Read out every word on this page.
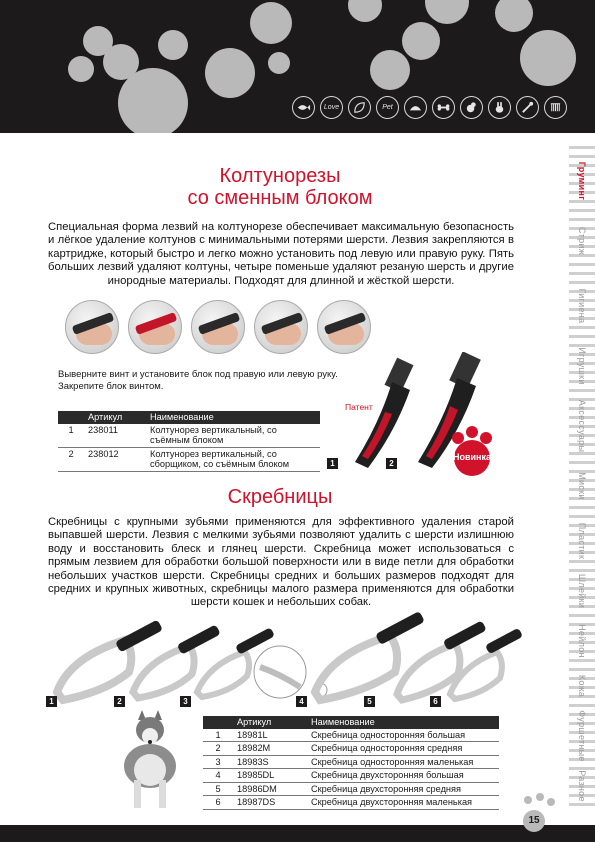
Love	Pet
Груминг
Стриж
Гигиена
Игрушки
Аксессуары
Миски
Пластик
Шлейки
Нейлон
Кожа
Фуршетные
Разное
Колтунорезы
со сменным блоком

Специальная форма лезвий на колтунорезе обеспечивает максимальную безопасность и лёгкое удаление колтунов с минимальными потерями шерсти. Лезвия закрепляются в картридже, который быстро и легко можно установить под левую или правую руку. Пять больших лезвий удаляют колтуны, четыре поменьше удаляют резаную шерсть и другие инородные материалы. Подходят для длинной и жёсткой шерсти.

Выверните винт и установите блок под правую или левую руку. Закрепите блок винтом.

	Артикул	Наименование
1	238011	Колтунорез вертикальный, со съёмным блоком
2	238012	Колтунорез вертикальный, со сборщиком, со съёмным блоком	1	2
Патент
Новинка
Скребницы

Скребницы с крупными зубьями применяются для эффективного удаления старой выпавшей шерсти. Лезвия с мелкими зубьями позволяют удалить с шерсти излишнюю воду и восстановить блеск и глянец шерсти. Скребница может использоваться с прямым лезвием для обработки большой поверхности или в виде петли для обработки небольших участков шерсти. Скребницы средних и больших размеров подходят для средних и крупных животных, скребницы малого размера применяются для обработки шерсти кошек и небольших собак.

1	2	3	4	5	6
	Артикул	Наименование
1	18981L	Скребница односторонняя большая
2	18982M	Скребница односторонняя средняя
3	18983S	Скребница односторонняя маленькая
4	18985DL	Скребница двухсторонняя большая
5	18986DM	Скребница двухсторонняя средняя
6	18987DS	Скребница двухсторонняя маленькая
15
